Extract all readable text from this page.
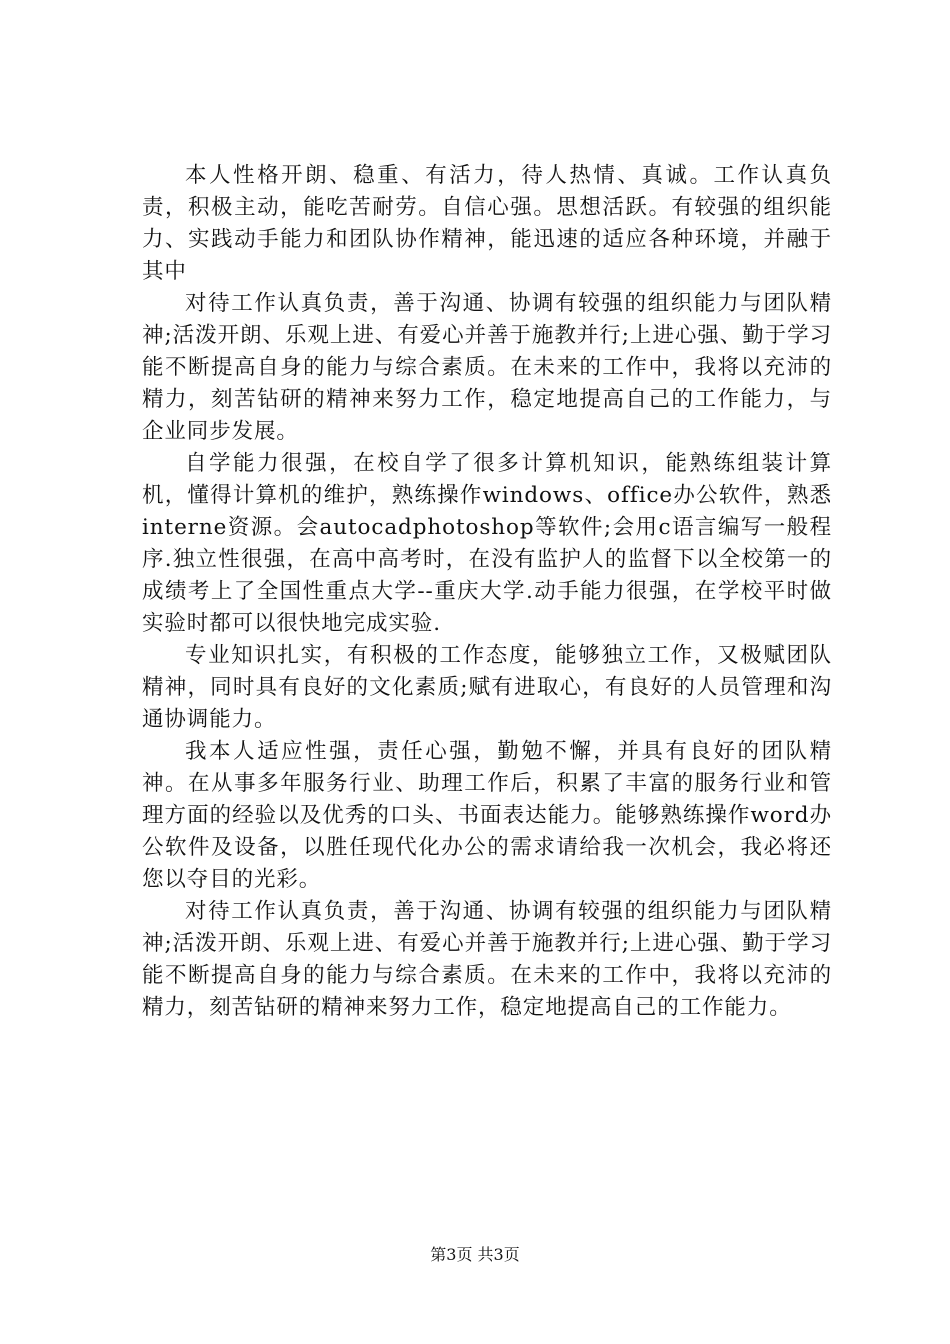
本人性格开朗、稳重、有活力，待人热情、真诚。工作认真负责，积极主动，能吃苦耐劳。自信心强。思想活跃。有较强的组织能力、实践动手能力和团队协作精神，能迅速的适应各种环境，并融于其中

对待工作认真负责，善于沟通、协调有较强的组织能力与团队精神;活泼开朗、乐观上进、有爱心并善于施教并行;上进心强、勤于学习能不断提高自身的能力与综合素质。在未来的工作中，我将以充沛的精力，刻苦钻研的精神来努力工作，稳定地提高自己的工作能力，与企业同步发展。

自学能力很强，在校自学了很多计算机知识，能熟练组装计算机，懂得计算机的维护，熟练操作windows、office办公软件，熟悉interne资源。会autocadphotoshop等软件;会用c语言编写一般程序.独立性很强，在高中高考时，在没有监护人的监督下以全校第一的成绩考上了全国性重点大学--重庆大学.动手能力很强，在学校平时做实验时都可以很快地完成实验.

专业知识扎实，有积极的工作态度，能够独立工作，又极赋团队精神，同时具有良好的文化素质;赋有进取心，有良好的人员管理和沟通协调能力。

我本人适应性强，责任心强，勤勉不懈，并具有良好的团队精神。在从事多年服务行业、助理工作后，积累了丰富的服务行业和管理方面的经验以及优秀的口头、书面表达能力。能够熟练操作word办公软件及设备，以胜任现代化办公的需求请给我一次机会，我必将还您以夺目的光彩。

对待工作认真负责，善于沟通、协调有较强的组织能力与团队精神;活泼开朗、乐观上进、有爱心并善于施教并行;上进心强、勤于学习能不断提高自身的能力与综合素质。在未来的工作中，我将以充沛的精力，刻苦钻研的精神来努力工作，稳定地提高自己的工作能力。

第3页 共3页
